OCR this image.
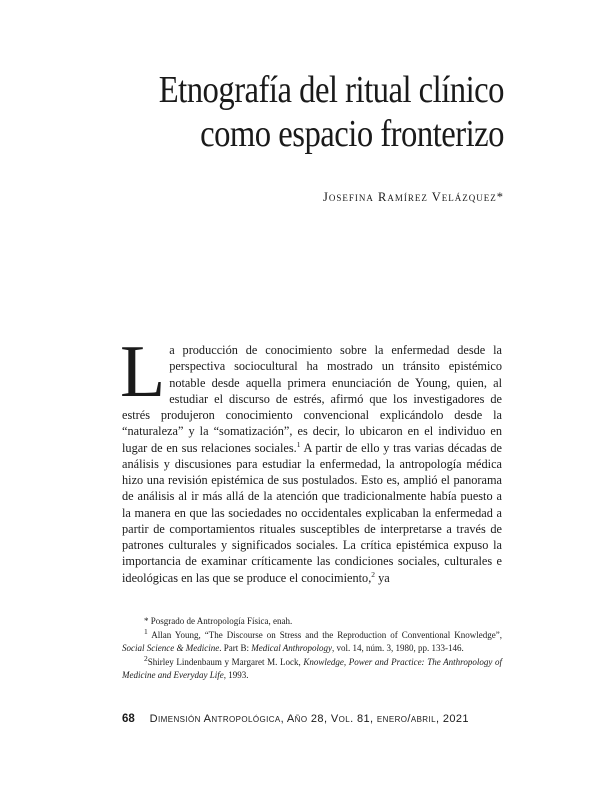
Etnografía del ritual clínico
como espacio fronterizo

Josefina Ramírez Velázquez*

La producción de conocimiento sobre la enfermedad desde la perspectiva sociocultural ha mostrado un tránsito epistémico notable desde aquella primera enunciación de Young, quien, al estudiar el discurso de estrés, afirmó que los investigadores de estrés produjeron conocimiento convencional explicándolo desde la “naturaleza” y la “somatización”, es decir, lo ubicaron en el individuo en lugar de en sus relaciones sociales.$^1$ A partir de ello y tras varias décadas de análisis y discusiones para estudiar la enfermedad, la antropología médica hizo una revisión epistémica de sus postulados. Esto es, amplió el panorama de análisis al ir más allá de la atención que tradicionalmente había puesto a la manera en que las sociedades no occidentales explicaban la enfermedad a partir de comportamientos rituales susceptibles de interpretarse a través de patrones culturales y significados sociales. La crítica epistémica expuso la importancia de examinar críticamente las condiciones sociales, culturales e ideológicas en las que se produce el conocimiento,$^2$ ya

* Posgrado de Antropología Física, enah.

$^1$ Allan Young, “The Discourse on Stress and the Reproduction of Conventional Knowledge”, Social Science & Medicine. Part B: Medical Anthropology, vol. 14, núm. 3, 1980, pp. 133-146.

$^2$Shirley Lindenbaum y Margaret M. Lock, Knowledge, Power and Practice: The Anthropology of Medicine and Everyday Life, 1993.

68 Dimensión Antropológica, Año 28, Vol. 81, enero/abril, 2021
